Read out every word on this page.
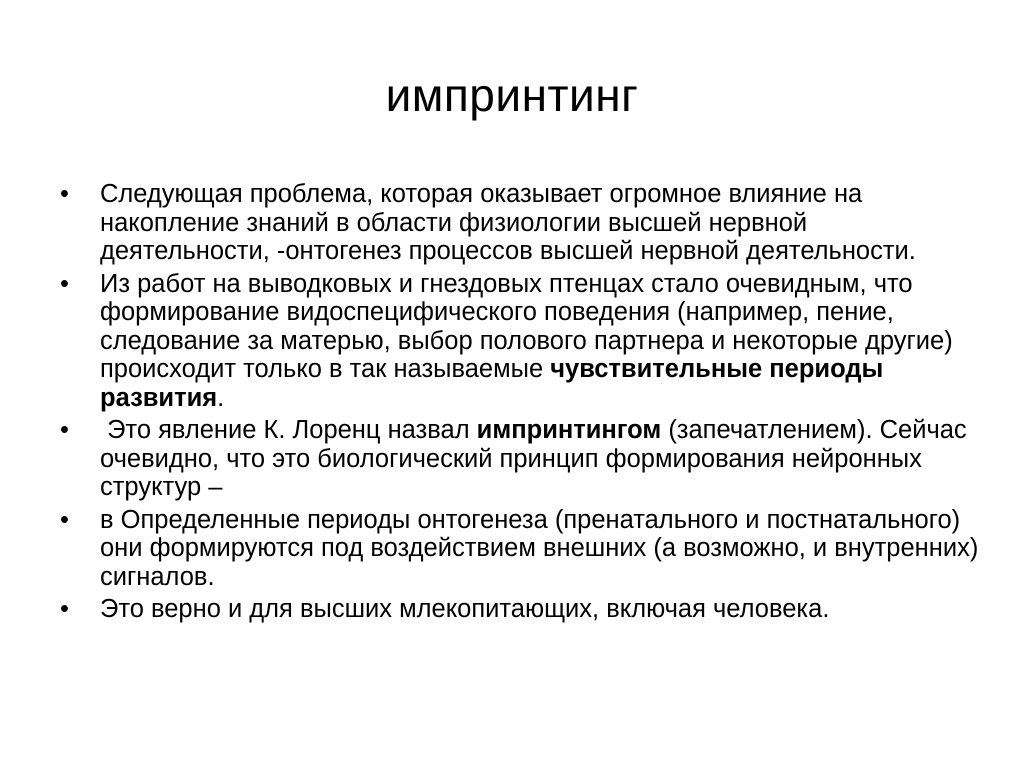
импринтинг
•	Следующая проблема, которая оказывает огромное влияние на накопление знаний в области физиологии высшей нервной деятельности, -онтогенез процессов высшей нервной деятельности.
•	Из работ на выводковых и гнездовых птенцах стало очевидным, что формирование видоспецифического поведения (например, пение, следование за матерью, выбор полового партнера и некоторые другие) происходит только в так называемые чувствительные периоды развития.
•	Это явление К. Лоренц назвал импринтингом (запечатлением). Сейчас очевидно, что это биологический принцип формирования нейронных структур –
•	в Определенные периоды онтогенеза (пренатального и постнатального) они формируются под воздействием внешних (а возможно, и внутренних) сигналов.
•	Это верно и для высших млекопитающих, включая человека.
